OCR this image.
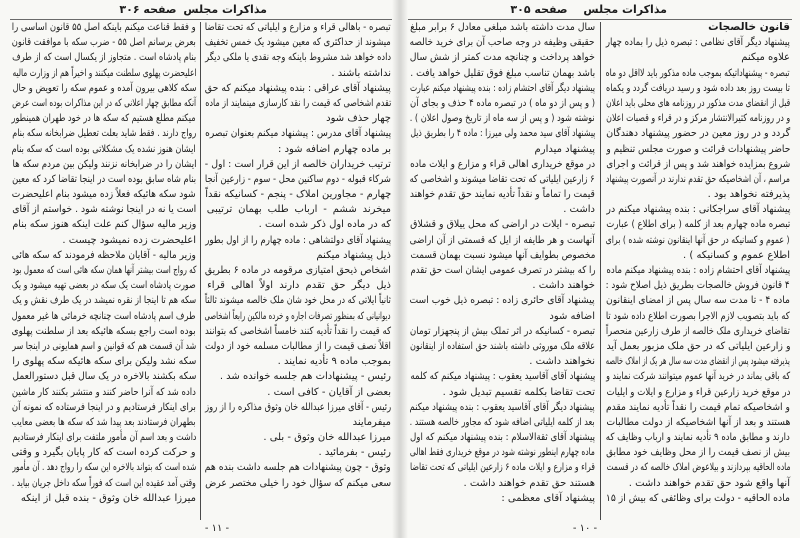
صفحه ۳۰۵ مذاکرات مجلس
سال مدت داشته باشد مبلغی معادل ۶ برابر مبلغ
حقیقی وظیفه در وجه صاحب آن برای خرید خالصه
خواهد پرداخت و چنانچه مدت کمتر از شش سال
باشد بهمان تناسب مبلغ فوق تقلیل خواهد یافت .
پیشنهاد دیگر آقای احتشام زاده : بنده پیشنهاد میکنم عبارت
( و پس از دو ماه ) در تبصره ماده ۴ حذف و بجای آن
نوشته شود ( و پس از سه ماه از تاریخ وصول اعلان ) .
پیشنهاد آقای سید محمد ولی میرزا : ماده ۴ را بطریق ذیل
پیشنهاد میدارم
در موقع خریداری اهالی قراء و مزارع و ایلات ماده
۶ زارعین ایلیاتی که تحت تقاضا میشوند و اشخاصی که
قیمت را تماماً و نقداً تأدیه نمایند حق تقدم خواهند
داشت .
تبصره - ایلات در اراضی که محل ییلاق و قشلاق
آنهاست و هر طایفه از ایل که قسمتی از آن اراضی
مخصوص بطوایف آنها میشود نسبت بهمان قسمت
را که بیشتر در تصرف عمومی ایشان است حق تقدم
خواهند داشت .
پیشنهاد آقای حائری زاده : تبصره ذیل خوب است
اضافه شود
تبصره - کسانیکه در اثر تملک بیش از پنجهزار تومان
علاقه ملک موروثی داشته باشند حق استفاده از اینقانون
نخواهند داشت .
پیشنهاد آقای آقاسید یعقوب : پیشنهاد میکنم که کلمه
تحت تقاضا بکلمه تقسیم تبدیل شود .
پیشنهاد دیگر آقای آقاسید یعقوب : بنده پیشنهاد میکنم
بعد از کلمه ایلیاتی اضافه شود که مجاور خالصه هستند .
پیشنهاد آقای ثقةالاسلام : بنده پیشنهاد میکنم که اول
ماده چهارم اینطور نوشته شود در موقع خریداری فقط اهالی
قراء و مزارع و ایلات ماده ۶ زارعین ایلیاتی که تحت تقاضا
هستند حق تقدم خواهند داشت .
پیشنهاد آقای معظمی :
قانون خالصجات
پیشنهاد دیگر آقای نظامی : تبصره ذیل را بماده چهار
علاوه میکنم
تبصره - پیشنهاداتیکه بموجب ماده مذکور باید لااقل دو ماه
تا بیست روز بعد داده شود و رسید دریافت گردد و یکماه
قبل از انقضای مدت مذکور در روزنامه های محلی باید اعلان
و در روزنامه کثیرالانتشار مرکز و در قراء و قصبات اعلان
گردد و در روز معین در حضور پیشنهاد دهندگان
حاضر پیشنهادات قرائت و صورت مجلس تنظیم و
شروع بمزایده خواهند شد و پس از قرائت و اجرای
مراسم ، آن اشخاصیکه حق تقدم ندارند در آنصورت پیشنهاد
پذیرفته نخواهد بود .
پیشنهاد آقای سراجکانی : بنده پیشنهاد میکنم در
تبصره ماده چهارم بعد از کلمه ( برای اطلاع ) عبارت
( عموم و کسانیکه در حق آنها اینقانون نوشته شده ) برای
اطلاع عموم و کسانیکه ) .
پیشنهاد آقای احتشام زاده : بنده پیشنهاد میکنم ماده
۴ قانون فروش خالصجات بطریق ذیل اصلاح شود :
ماده ۴ - تا مدت سه سال پس از امضای اینقانون
که باید بتصویب لازم الاجرا بصورت اطلاع داده شود تا
تقاضای خریداری ملک خالصه از طرف زارعین منحصراً
و زارعین ایلیاتی که در حق ملک مزبور بعمل آید
پذیرفته میشود پس از انقضای مدت سه سال هر یک از املاک خالصه
که باقی بماند در خرید آنها عموم میتوانند شرکت نمایند و
در موقع خرید زارعین قراء و مزارع و ایلات و ایلیات
و اشخاصیکه تمام قیمت را نقداً تأدیه نمایند مقدم
هستند و بعد از آنها اشخاصیکه از دولت مطالبات
دارند و مطابق ماده ۹ تأدیه نمایند و ارباب وظایف که
بیش از نصف قیمت را از محل وظایف خود مطابق
ماده الحاقیه بپردازند و بیلاعوض املاک خالصه که در قسمت
آنها واقع شود حق تقدم خواهند داشت .
ماده الحاقیه - دولت برای وظائفی که بیش از ۱۵
- ۱۰ -
صفحه ۳۰۶ مذاکرات مجلس
و فقط قناعت میکنم باینکه اصل ۵۵ قانون اساسی را
بعرض برسانم اصل ۵۵ - ضرب سکه با موافقت قانون
بنام پادشاه است . متجاوز از یکسال است که از طرف
اعلیحضرت پهلوی سلطنت میکنند و اخیراً هم از وزارت مالیه
سکه کلاهی بیرون آمده و عموم سکه را تعویض و حال
آنکه مطابق چهار اعلانی که در این مذاکرات بوده است عرض
میکنم مطلع هستیم که سکه ها در خود طهران همینطور
رواج دارند . فقط شاید بعلت تعطیل ضرابخانه سکه بنام
ایشان هنوز نشده یک مشکلاتی بوده است که سکه بنام
ایشان را در ضرابخانه نزنند ولیکن بین مردم سکه ها
بنام شاه سابق بوده است در اینجا تقاضا کرد که معین
شود سکه هائیکه فعلاً زده میشود بنام اعلیحضرت
است یا نه در اینجا نوشته شود . خواستم از آقای
وزیر مالیه سؤال کنم علت اینکه هنوز سکه بنام
اعلیحضرت زده نمیشود چیست .
وزیر مالیه - آقایان ملاحظه فرمودند که سکه هائی
که رواج است بیشتر آنها همان سکه هائی است که معمول بود
صورت پادشاه است یک سکه در بعضی تهیه میشود و یک
سکه هم تا اینجا از نقره نمیشد در یک طرف نقش و یک
طرف اسم پادشاه است چنانچه خرمائی ها غیر معمول
بوده است راجع بسکه هائیکه بعد از سلطنت پهلوی
شد آن قسمت هم که قوانین و اسم همایونی در اینجا سر
سکه نشد ولیکن برای سکه هائیکه سکه پهلوی را
سکه بکشند بالاخره در یک سال قبل دستورالعمل
داده شد که آنرا حاضر کنند و منتشر بکنند کار ماشین
برای اینکار فرستادیم و در اینجا فرستاده که نمونه آن
بطهران فرستادند بعد پیدا شد که سکه ها بعضی معایب
داشت و بعد اسم آن مأمور ملتفت برای اینکار فرستادیم
و حرکت کرده است که کار پایان بگیرد و وقتی
شده است که بتواند بالاخره این سکه را رواج دهد . آن مأمور
وقتی آمد عقیده این است که فوراً سکه داخل جریان بیاید .
میرزا عبدالله خان وثوق - بنده قبل از اینکه
تبصره - باهالی قراء و مزارع و ایلیاتی که تحت تقاضا
میشوند از حداکثری که معین میشود یک خمس تخفیف
داده خواهد شد مشروط باینکه وجه نقدی یا ملکی دیگر
نداشته باشند .
پیشنهاد آقای عراقی : بنده پیشنهاد میکنم که حق
تقدم اشخاصی که قیمت را نقد کارسازی مینمایند از ماده
چهار حذف شود
پیشنهاد آقای مدرس : پیشنهاد میکنم بعنوان تبصره
بر ماده چهارم اضافه شود :
ترتیب خریداران خالصه از این قرار است : اول -
شرکاء قبوله - دوم ساکنین محل - سوم - زارعین آنجا
چهارم - مجاورین املاک - پنجم - کسانیکه نقداً
میخرند ششم - ارباب طلب بهمان ترتیبی
که در ماده اول ذکر شده است .
پیشنهاد آقای دولتشاهی : ماده چهارم را از اول بطور
ذیل پیشنهاد میکنم
اشخاص ذیحق امتیازی مرقومه در ماده ۶ بطریق
ذیل دیگر حق تقدم دارند اولاً اهالی قراء
ثانیاً ایلاتی که در محل خود شان ملک خالصه میشوند ثالثاً
دیوانیانی که بمنظور تصرفات اجاره و خرده مالکین رابعاً اشخاصی
که قیمت را نقداً تأدیه کنند خامساً اشخاصی که بتوانند
اقلاً نصف قیمت را از مطالبات مسلمه خود از دولت
بموجب ماده ۹ تأدیه نمایند .
رئیس - پیشنهادات هم جلسه خوانده شد .
بعضی از آقایان - کافی است .
رئیس - آقای میرزا عبدالله خان وثوق مذاکره را از روز
میفرمایند
میرزا عبدالله خان وثوق - بلی .
رئیس - بفرمائید .
وثوق - چون پیشنهادات هم جلسه داشت بنده هم
سعی میکنم که سؤال خود را خیلی مختصر عرض
- ۱۱ -
